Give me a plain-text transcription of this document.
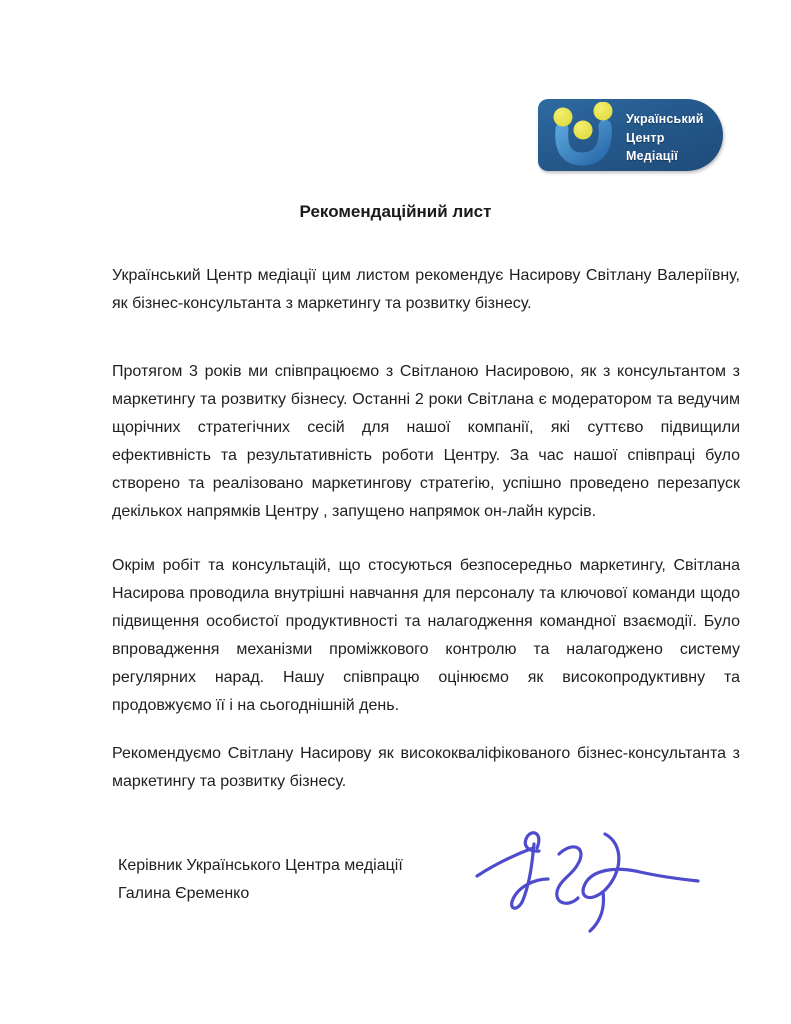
Український
Центр
Медіації
Рекомендаційний лист

Український Центр медіації цим листом рекомендує Насирову Світлану Валеріївну, як бізнес-консультанта з маркетингу та розвитку бізнесу.

Протягом 3 років ми співпрацюємо з Світланою Насировою, як з консультантом з маркетингу та розвитку бізнесу. Останні 2 роки Світлана є модератором та ведучим щорічних стратегічних сесій для нашої компанії, які суттєво підвищили ефективність та результативність роботи Центру. За час нашої співпраці було створено та реалізовано маркетингову стратегію, успішно проведено перезапуск декількох напрямків Центру , запущено напрямок он-лайн курсів.

Окрім робіт та консультацій, що стосуються безпосередньо маркетингу, Світлана Насирова проводила внутрішні навчання для персоналу та ключової команди щодо підвищення особистої продуктивності та налагодження командної взаємодії. Було впровадження механізми проміжкового контролю та налагоджено систему регулярних нарад. Нашу співпрацю оцінюємо як високопродуктивну та продовжуємо її і на сьогоднішній день.

Рекомендуємо Світлану Насирову як висококваліфікованого бізнес-консультанта з маркетингу та розвитку бізнесу.

Керівник Українського Центра медіації
Галина Єременко
